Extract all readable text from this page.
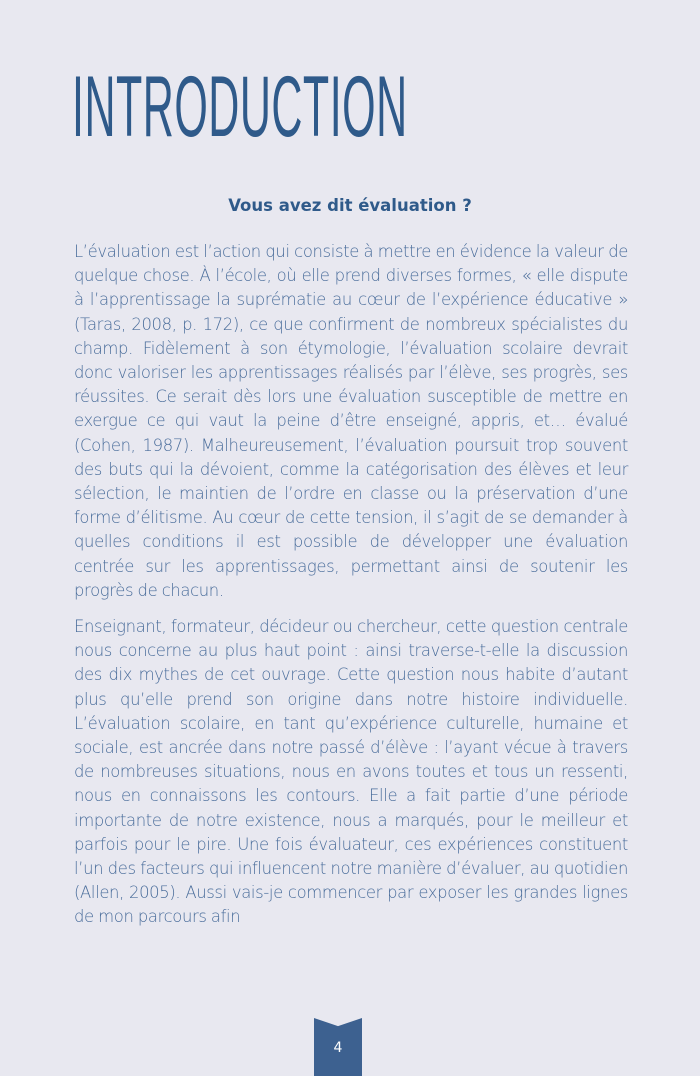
INTRODUCTION
Vous avez dit évaluation ?

L’évaluation est l’action qui consiste à mettre en évidence la valeur de quelque chose. À l’école, où elle prend diverses formes, « elle dispute à l’apprentissage la suprématie au cœur de l’expérience éducative » (Taras, 2008, p. 172), ce que confirment de nombreux spécialistes du champ. Fidèlement à son étymologie, l’évaluation scolaire devrait donc valoriser les apprentissages réalisés par l’élève, ses progrès, ses réussites. Ce serait dès lors une évaluation susceptible de mettre en exergue ce qui vaut la peine d’être enseigné, appris, et… évalué (Cohen, 1987). Malheureusement, l’évaluation poursuit trop souvent des buts qui la dévoient, comme la catégorisation des élèves et leur sélection, le maintien de l’ordre en classe ou la préservation d’une forme d’élitisme. Au cœur de cette tension, il s’agit de se demander à quelles conditions il est possible de développer une évaluation centrée sur les apprentissages, permettant ainsi de soutenir les progrès de chacun.

Enseignant, formateur, décideur ou chercheur, cette question centrale nous concerne au plus haut point : ainsi traverse-t-elle la discussion des dix mythes de cet ouvrage. Cette question nous habite d’autant plus qu’elle prend son origine dans notre histoire individuelle. L’évaluation scolaire, en tant qu’expérience culturelle, humaine et sociale, est ancrée dans notre passé d’élève : l’ayant vécue à travers de nombreuses situations, nous en avons toutes et tous un ressenti, nous en connaissons les contours. Elle a fait partie d’une période importante de notre existence, nous a marqués, pour le meilleur et parfois pour le pire. Une fois évaluateur, ces expériences constituent l’un des facteurs qui influencent notre manière d’évaluer, au quotidien (Allen, 2005). Aussi vais-je commencer par exposer les grandes lignes de mon parcours afin

4
